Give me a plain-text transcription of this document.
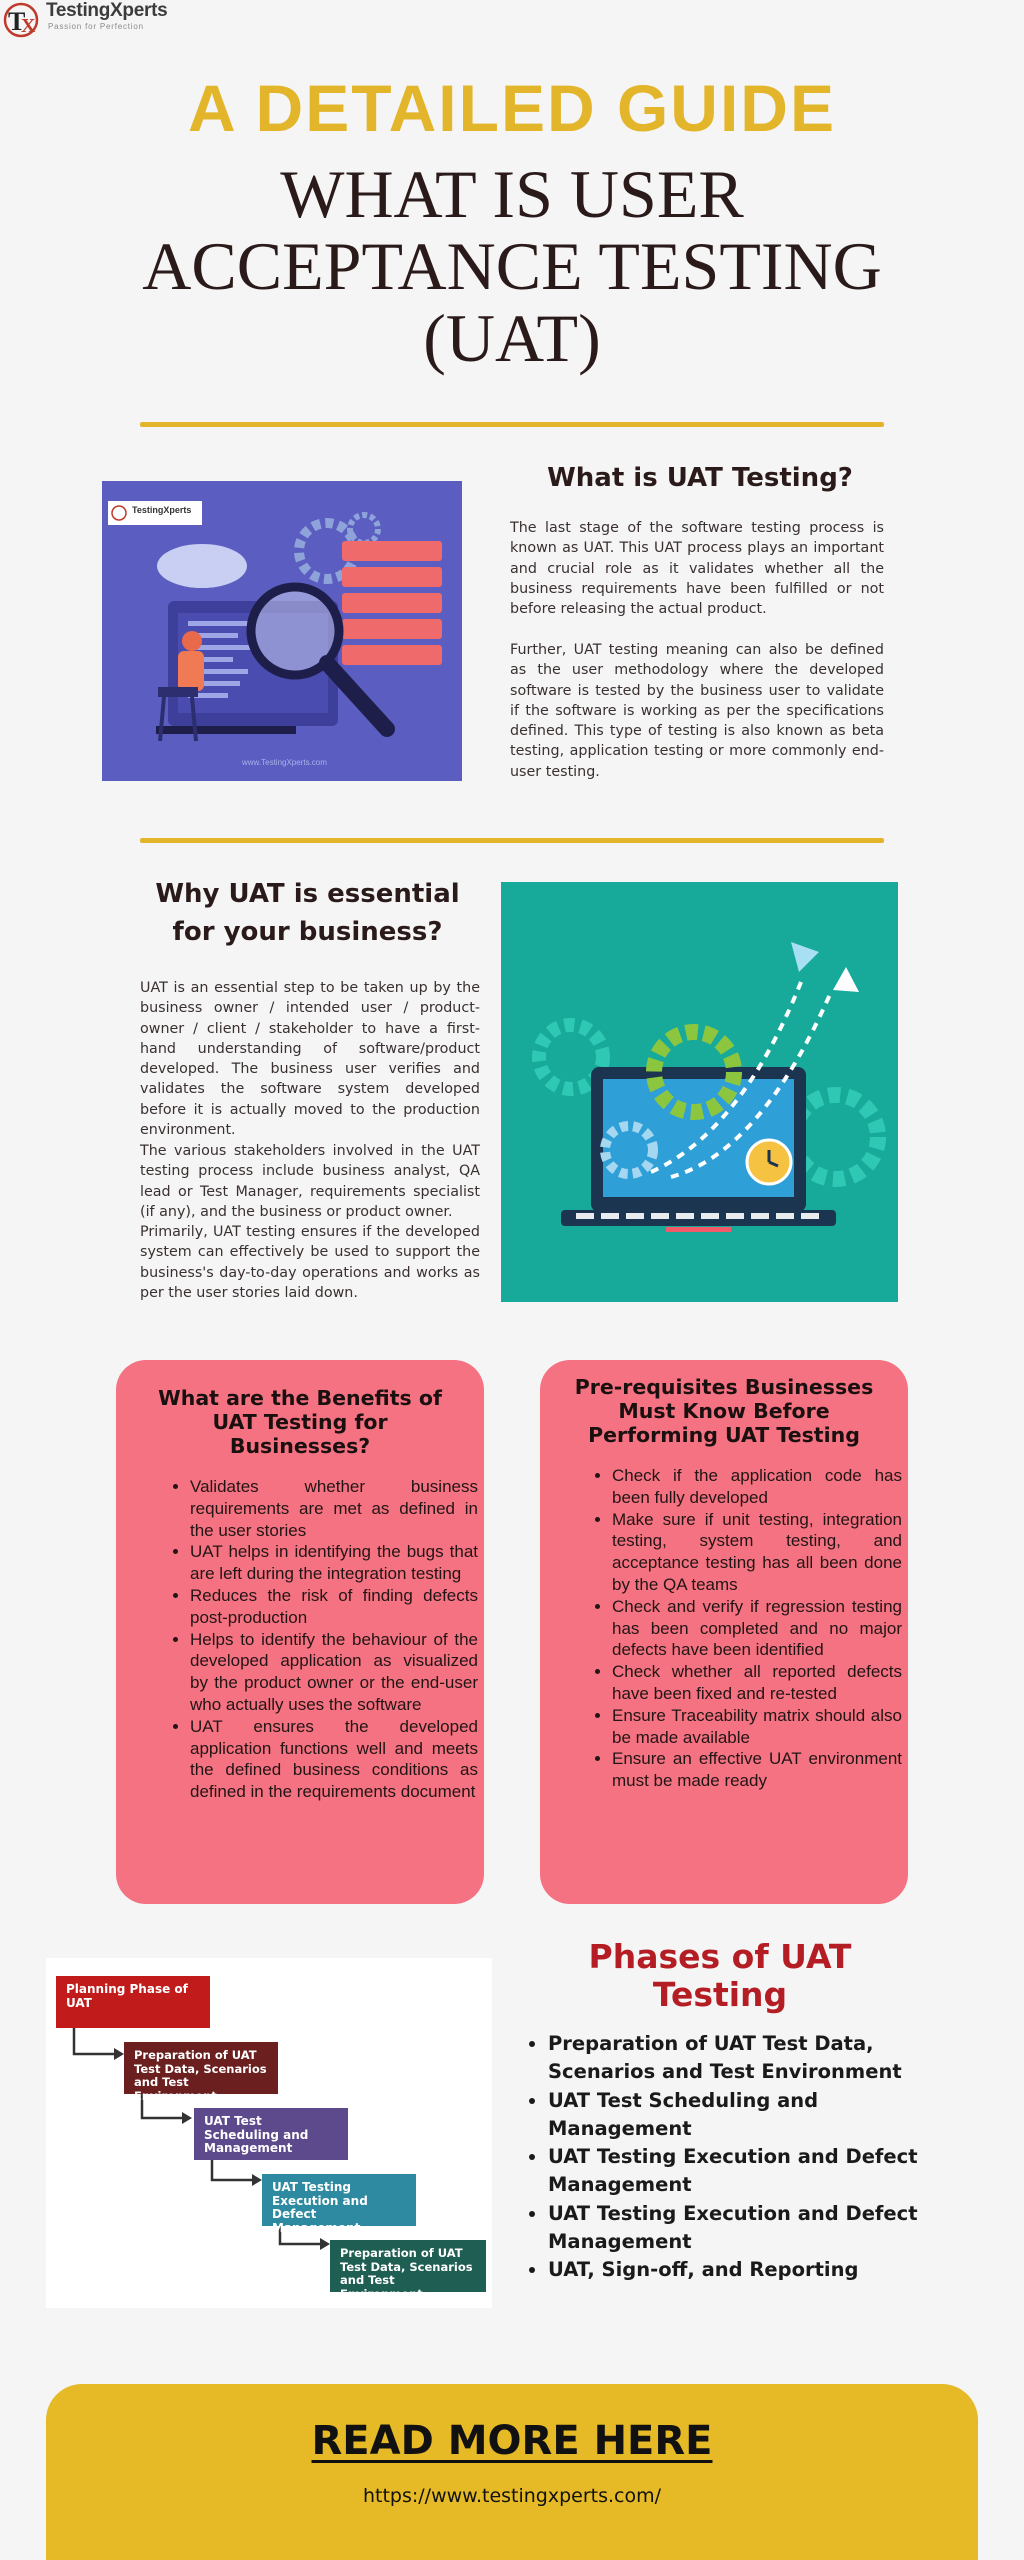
T
X
TestingXperts
Passion for Perfection
A DETAILED GUIDE
WHAT IS USER ACCEPTANCE TESTING (UAT)
TestingXperts
www.TestingXperts.com
What is UAT Testing?
The last stage of the software testing process is known as UAT. This UAT process plays an important and crucial role as it validates whether all the business requirements have been fulfilled or not before releasing the actual product.
Further, UAT testing meaning can also be defined as the user methodology where the developed software is tested by the business user to validate if the software is working as per the specifications defined. This type of testing is also known as beta testing, application testing or more commonly end-user testing.
Why UAT is essential for your business?
UAT is an essential step to be taken up by the business owner / intended user / product-owner / client / stakeholder to have a first-hand understanding of software/product developed. The business user verifies and validates the software system developed before it is actually moved to the production environment.
The various stakeholders involved in the UAT testing process include business analyst, QA lead or Test Manager, requirements specialist (if any), and the business or product owner.
Primarily, UAT testing ensures if the developed system can effectively be used to support the business's day-to-day operations and works as per the user stories laid down.
What are the Benefits of UAT Testing for Businesses?
• Validates whether business requirements are met as defined in the user stories
• UAT helps in identifying the bugs that are left during the integration testing
• Reduces the risk of finding defects post-production
• Helps to identify the behaviour of the developed application as visualized by the product owner or the end-user who actually uses the software
• UAT ensures the developed application functions well and meets the defined business conditions as defined in the requirements document
Pre-requisites Businesses Must Know Before Performing UAT Testing
• Check if the application code has been fully developed
• Make sure if unit testing, integration testing, system testing, and acceptance testing has all been done by the QA teams
• Check and verify if regression testing has been completed and no major defects have been identified
• Check whether all reported defects have been fixed and re-tested
• Ensure Traceability matrix should also be made available
• Ensure an effective UAT environment must be made ready
Planning Phase of UAT
Preparation of UAT Test Data, Scenarios and Test Environment
UAT Test Scheduling and Management
UAT Testing Execution and Defect Management
Preparation of UAT Test Data, Scenarios and Test Environment
Phases of UAT Testing
• Preparation of UAT Test Data, Scenarios and Test Environment
• UAT Test Scheduling and Management
• UAT Testing Execution and Defect Management
• UAT Testing Execution and Defect Management
• UAT, Sign-off, and Reporting
READ MORE HERE
https://www.testingxperts.com/
